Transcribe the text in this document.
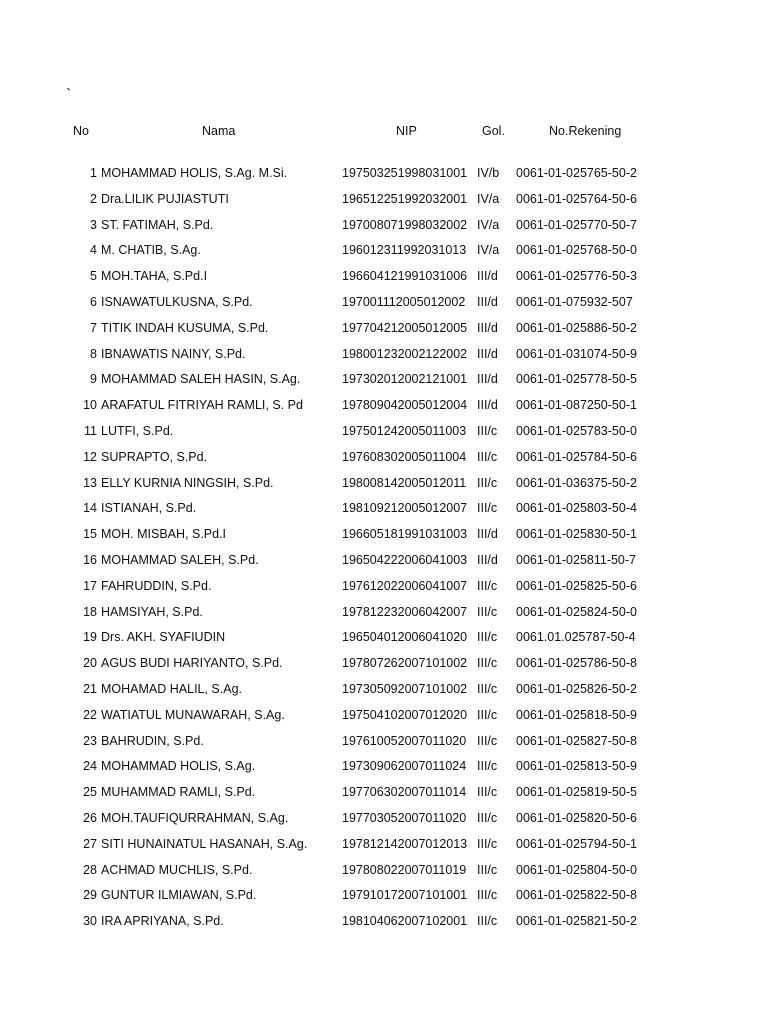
`
No	Nama	NIP	Gol.	No.Rekening
1 MOHAMMAD HOLIS, S.Ag. M.Si.	197503251998031001 IV/b 0061-01-025765-50-2
2 Dra.LILIK PUJIASTUTI	196512251992032001 IV/a 0061-01-025764-50-6
3 ST. FATIMAH, S.Pd.	197008071998032002 IV/a 0061-01-025770-50-7
4 M. CHATIB, S.Ag.	196012311992031013 IV/a 0061-01-025768-50-0
5 MOH.TAHA, S.Pd.I	196604121991031006 III/d 0061-01-025776-50-3
6 ISNAWATULKUSNA, S.Pd.	197001112005012002 III/d 0061-01-075932-507
7 TITIK INDAH KUSUMA, S.Pd.	197704212005012005 III/d 0061-01-025886-50-2
8 IBNAWATIS NAINY, S.Pd.	198001232002122002 III/d 0061-01-031074-50-9
9 MOHAMMAD SALEH HASIN, S.Ag.	197302012002121001 III/d 0061-01-025778-50-5
10 ARAFATUL FITRIYAH RAMLI, S. Pd	197809042005012004 III/d 0061-01-087250-50-1
11 LUTFI, S.Pd.	197501242005011003 III/c 0061-01-025783-50-0
12 SUPRAPTO, S.Pd.	197608302005011004 III/c 0061-01-025784-50-6
13 ELLY KURNIA NINGSIH, S.Pd.	198008142005012011 III/c 0061-01-036375-50-2
14 ISTIANAH, S.Pd.	198109212005012007 III/c 0061-01-025803-50-4
15 MOH. MISBAH, S.Pd.I	196605181991031003 III/d 0061-01-025830-50-1
16 MOHAMMAD SALEH, S.Pd.	196504222006041003 III/d 0061-01-025811-50-7
17 FAHRUDDIN, S.Pd.	197612022006041007 III/c 0061-01-025825-50-6
18 HAMSIYAH, S.Pd.	197812232006042007 III/c 0061-01-025824-50-0
19 Drs. AKH. SYAFIUDIN	196504012006041020 III/c 0061.01.025787-50-4
20 AGUS BUDI HARIYANTO, S.Pd.	197807262007101002 III/c 0061-01-025786-50-8
21 MOHAMAD HALIL, S.Ag.	197305092007101002 III/c 0061-01-025826-50-2
22 WATIATUL MUNAWARAH, S.Ag.	197504102007012020 III/c 0061-01-025818-50-9
23 BAHRUDIN, S.Pd.	197610052007011020 III/c 0061-01-025827-50-8
24 MOHAMMAD HOLIS, S.Ag.	197309062007011024 III/c 0061-01-025813-50-9
25 MUHAMMAD RAMLI, S.Pd.	197706302007011014 III/c 0061-01-025819-50-5
26 MOH.TAUFIQURRAHMAN, S.Ag.	197703052007011020 III/c 0061-01-025820-50-6
27 SITI HUNAINATUL HASANAH, S.Ag.	197812142007012013 III/c 0061-01-025794-50-1
28 ACHMAD MUCHLIS, S.Pd.	197808022007011019 III/c 0061-01-025804-50-0
29 GUNTUR ILMIAWAN, S.Pd.	197910172007101001 III/c 0061-01-025822-50-8
30 IRA APRIYANA, S.Pd.	198104062007102001 III/c 0061-01-025821-50-2
